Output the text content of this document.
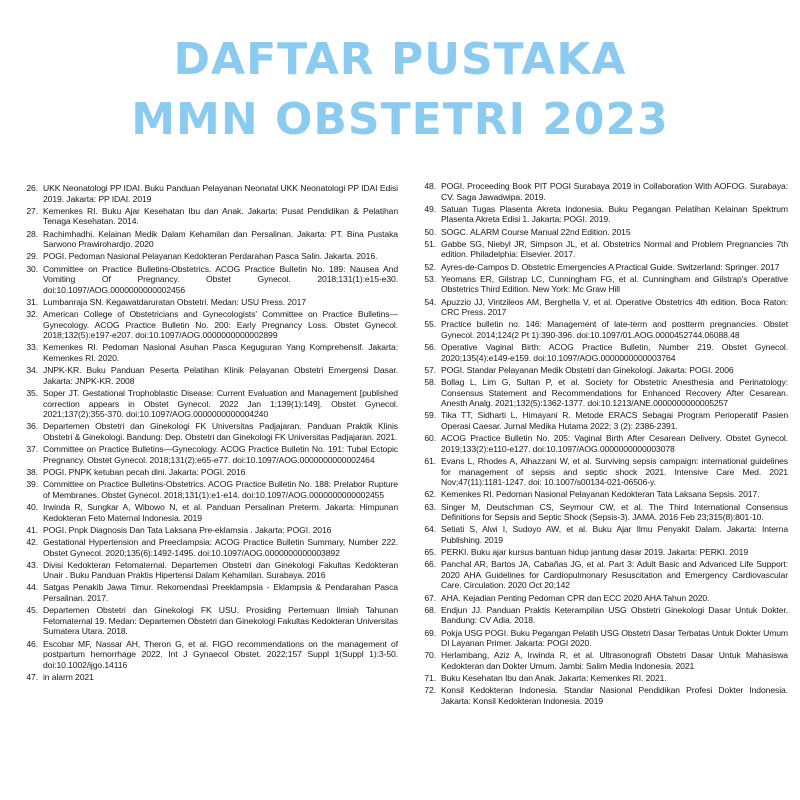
DAFTAR PUSTAKA
MMN OBSTETRI 2023
26. UKK Neonatologi PP IDAI. Buku Panduan Pelayanan Neonatal UKK Neonatologi PP IDAI Edisi 2019. Jakarta: PP IDAI. 2019
27. Kemenkes RI. Buku Ajar Kesehatan Ibu dan Anak. Jakarta: Pusat Pendidikan & Pelatihan Tenaga Kesehatan. 2014.
28. Rachimhadhi. Kelainan Medik Dalam Kehamilan dan Persalinan. Jakarta: PT. Bina Pustaka Sarwono Prawirohardjo. 2020
29. POGI. Pedoman Nasional Pelayanan Kedokteran Perdarahan Pasca Salin. Jakarta. 2016.
30. Committee on Practice Bulletins-Obstetrics. ACOG Practice Bulletin No. 189: Nausea And Vomiting Of Pregnancy. Obstet Gynecol. 2018;131(1):e15-e30. doi:10.1097/AOG.0000000000002456
31. Lumbanraja SN. Kegawatdaruratan Obstetri. Medan: USU Press. 2017
32. American College of Obstetricians and Gynecologists' Committee on Practice Bulletins—Gynecology. ACOG Practice Bulletin No. 200: Early Pregnancy Loss. Obstet Gynecol. 2018;132(5):e197-e207. doi:10.1097/AOG.0000000000002899
33. Kemenkes RI. Pedoman Nasional Asuhan Pasca Keguguran Yang Komprehensif. Jakarta: Kemenkes RI. 2020.
34. JNPK-KR. Buku Panduan Peserta Pelatihan Klinik Pelayanan Obstetri Emergensi Dasar. Jakarta: JNPK-KR. 2008
35. Soper JT. Gestational Trophoblastic Disease: Current Evaluation and Management [published correction appears in Obstet Gynecol. 2022 Jan 1;139(1):149]. Obstet Gynecol. 2021;137(2):355-370. doi:10.1097/AOG.0000000000004240
36. Departemen Obstetri dan Ginekologi FK Universitas Padjajaran. Panduan Praktik Klinis Obstetri & Ginekologi. Bandung: Dep. Obstetri dan Ginekologi FK Universitas Padjajaran. 2021.
37. Committee on Practice Bulletins—Gynecology. ACOG Practice Bulletin No. 191: Tubal Ectopic Pregnancy. Obstet Gynecol. 2018;131(2):e65-e77. doi:10.1097/AOG.0000000000002464
38. POGI. PNPK ketuban pecah dini. Jakarta: POGI. 2016
39. Committee on Practice Bulletins-Obstetrics. ACOG Practice Bulletin No. 188: Prelabor Rupture of Membranes. Obstet Gynecol. 2018;131(1):e1-e14. doi:10.1097/AOG.0000000000002455
40. Irwinda R, Sungkar A, Wibowo N, et al. Panduan Persalinan Preterm. Jakarta: Himpunan Kedokteran Feto Maternal Indonesia. 2019
41. POGI. Pnpk Diagnosis Dan Tata Laksana Pre-eklamsia . Jakarta: POGI. 2016
42. Gestational Hypertension and Preeclampsia: ACOG Practice Bulletin Summary, Number 222. Obstet Gynecol. 2020;135(6):1492-1495. doi:10.1097/AOG.0000000000003892
43. Divisi Kedokteran Fetomaternal. Departemen Obstetri dan Ginekologi Fakultas Kedokteran Unair . Buku Panduan Praktis Hipertensi Dalam Kehamilan. Surabaya. 2016
44. Satgas Penakib Jawa Timur. Rekomendasi Preeklampsia - Eklampsia & Pendarahan Pasca Persalinan. 2017.
45. Departemen Obstetri dan Ginekologi FK USU. Prosiding Pertemuan Ilmiah Tahunan Fetomaternal 19. Medan: Departemen Obstetri dan Ginekologi Fakultas Kedokteran Universitas Sumatera Utara. 2018.
46. Escobar MF, Nassar AH, Theron G, et al. FIGO recommendations on the management of postpartum hemorrhage 2022. Int J Gynaecol Obstet. 2022;157 Suppl 1(Suppl 1):3-50. doi:10.1002/ijgo.14116
47. in alarm 2021
48. POGI. Proceeding Book PIT POGI Surabaya 2019 in Collaboration With AOFOG. Surabaya: CV. Saga Jawadwipa. 2019.
49. Satuan Tugas Plasenta Akreta Indonesia. Buku Pegangan Pelatihan Kelainan Spektrum Plasenta Akreta Edisi 1. Jakarta: POGI. 2019.
50. SOGC. ALARM Course Manual 22nd Edition. 2015
51. Gabbe SG, Niebyl JR, Simpson JL, et al. Obstetrics Normal and Problem Pregnancies 7th edition. Philadelphia: Elsevier. 2017.
52. Ayres-de-Campos D. Obstetric Emergencies A Practical Guide. Switzerland: Springer. 2017
53. Yeomans ER, Gilstrap LC, Cunningham FG, et al. Cunningham and Gilstrap's Operative Obstetrics Third Edition. New York: Mc Graw Hill
54. Apuzzio JJ, Vintzileos AM, Berghella V, et al. Operative Obstetrics 4th edition. Boca Raton: CRC Press. 2017
55. Practice bulletin no. 146: Management of late-term and postterm pregnancies. Obstet Gynecol. 2014;124(2 Pt 1):390-396. doi:10.1097/01.AOG.0000452744.06088.48
56. Operative Vaginal Birth: ACOG Practice Bulletin, Number 219. Obstet Gynecol. 2020;135(4):e149-e159. doi:10.1097/AOG.0000000000003764
57. POGI. Standar Pelayanan Medik Obstetri dan Ginekologi. Jakarta: POGI. 2006
58. Bollag L, Lim G, Sultan P, et al. Society for Obstetric Anesthesia and Perinatology: Consensus Statement and Recommendations for Enhanced Recovery After Cesarean. Anesth Analg. 2021;132(5):1362-1377. doi:10.1213/ANE.0000000000005257
59. Tika TT, Sidharti L, Himayani R. Metode ERACS Sebagai Program Perioperatif Pasien Operasi Caesar. Jurnal Medika Hutama 2022; 3 (2): 2386-2391.
60. ACOG Practice Bulletin No. 205: Vaginal Birth After Cesarean Delivery. Obstet Gynecol. 2019;133(2):e110-e127. doi:10.1097/AOG.0000000000003078
61. Evans L, Rhodes A, Alhazzani W, et al. Surviving sepsis campaign: international guidelines for management of sepsis and septic shock 2021. Intensive Care Med. 2021 Nov;47(11):1181-1247. doi: 10.1007/s00134-021-06506-y.
62. Kemenkes RI. Pedoman Nasional Pelayanan Kedokteran Tata Laksana Sepsis. 2017.
63. Singer M, Deutschman CS, Seymour CW, et al. The Third International Consensus Definitions for Sepsis and Septic Shock (Sepsis-3). JAMA. 2016 Feb 23;315(8):801-10.
64. Setiati S, Alwi I, Sudoyo AW, et al. Buku Ajar Ilmu Penyakit Dalam. Jakarta: Interna Publishing. 2019
65. PERKI. Buku ajar kursus bantuan hidup jantung dasar 2019. Jakarta: PERKI. 2019
66. Panchal AR, Bartos JA, Cabañas JG, et al. Part 3: Adult Basic and Advanced Life Support: 2020 AHA Guidelines for Cardiopulmonary Resuscitation and Emergency Cardiovascular Care. Circulation. 2020 Oct 20;142
67. AHA. Kejadian Penting Pedoman CPR dan ECC 2020 AHA Tahun 2020.
68. Endjun JJ. Panduan Praktis Keterampilan USG Obstetri Ginekologi Dasar Untuk Dokter. Bandung: CV Adia. 2018.
69. Pokja USG POGI. Buku Pegangan Pelatih USG Obstetri Dasar Terbatas Untuk Dokter Umum DI Layanan Primer. Jakarta: POGI 2020.
70. Herlambang, Aziz A, Irwinda R, et al. Ultrasonografi Obstetri Dasar Untuk Mahasiswa Kedokteran dan Dokter Umum. Jambi: Salim Media Indonesia. 2021
71. Buku Kesehatan Ibu dan Anak. Jakarta: Kemenkes RI. 2021.
72. Konsil Kedokteran Indonesia. Standar Nasional Pendidikan Profesi Dokter Indonesia. Jakarta: Konsil Kedokteran Indonesia. 2019
